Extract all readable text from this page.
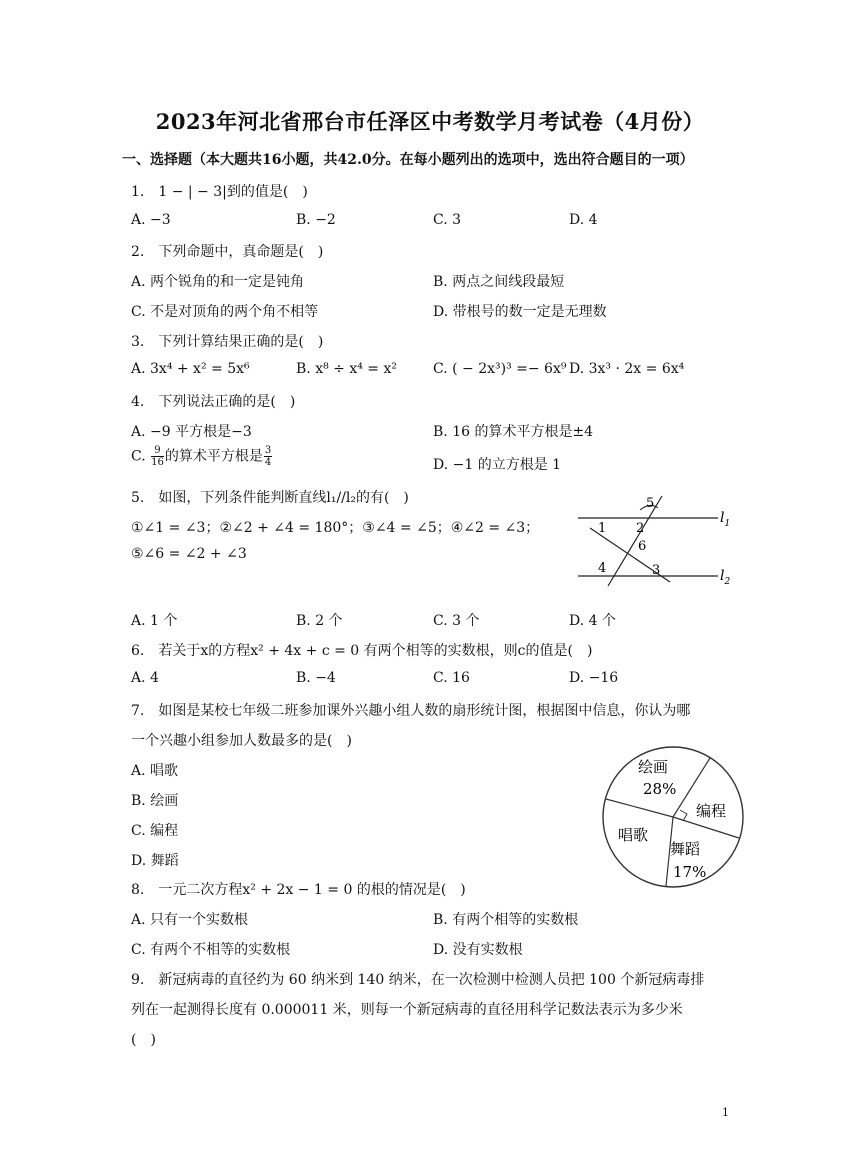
2023年河北省邢台市任泽区中考数学月考试卷（4月份）
一、选择题（本大题共16小题，共42.0分。在每小题列出的选项中，选出符合题目的一项）
1.　1 − | − 3|到的值是(　)
A. −3	B. −2	C. 3	D. 4
2.　下列命题中，真命题是(　)
A. 两个锐角的和一定是钝角	B. 两点之间线段最短
C. 不是对顶角的两个角不相等	D. 带根号的数一定是无理数
3.　下列计算结果正确的是(　)
A. 3x⁴ + x² = 5x⁶	B. x⁸ ÷ x⁴ = x²	C. ( − 2x³)³ =− 6x⁹ D. 3x³ · 2x = 6x⁴
4.　下列说法正确的是(　)
A. −9 平方根是−3	B. 16 的算术平方根是±4
C. $\frac{9}{16}$ 的算术平方根是 $\frac{3}{4}$	D. −1 的立方根是 1
5.　如图，下列条件能判断直线l₁//l₂的有(　)
①∠1 = ∠3；②∠2 + ∠4 = 180°；③∠4 = ∠5；④∠2 = ∠3；
⑤∠6 = ∠2 + ∠3
1 2
3
4
5
6
$l_1$
$l_2$
A. 1 个	B. 2 个	C. 3 个	D. 4 个
6.　若关于x的方程x² + 4x + c = 0 有两个相等的实数根，则c的值是(　)
A. 4	B. −4	C. 16	D. −16
7.　如图是某校七年级二班参加课外兴趣小组人数的扇形统计图，根据图中信息，你认为哪
一个兴趣小组参加人数最多的是(　)
A. 唱歌
B. 绘画
C. 编程
D. 舞蹈
绘画
28%
编程
唱歌
舞蹈
17%
8.　一元二次方程x² + 2x − 1 = 0 的根的情况是(　)
A. 只有一个实数根	B. 有两个相等的实数根
C. 有两个不相等的实数根	D. 没有实数根
9.　新冠病毒的直径约为 60 纳米到 140 纳米，在一次检测中检测人员把 100 个新冠病毒排
列在一起测得长度有 0.000011 米，则每一个新冠病毒的直径用科学记数法表示为多少米
(　)
1
